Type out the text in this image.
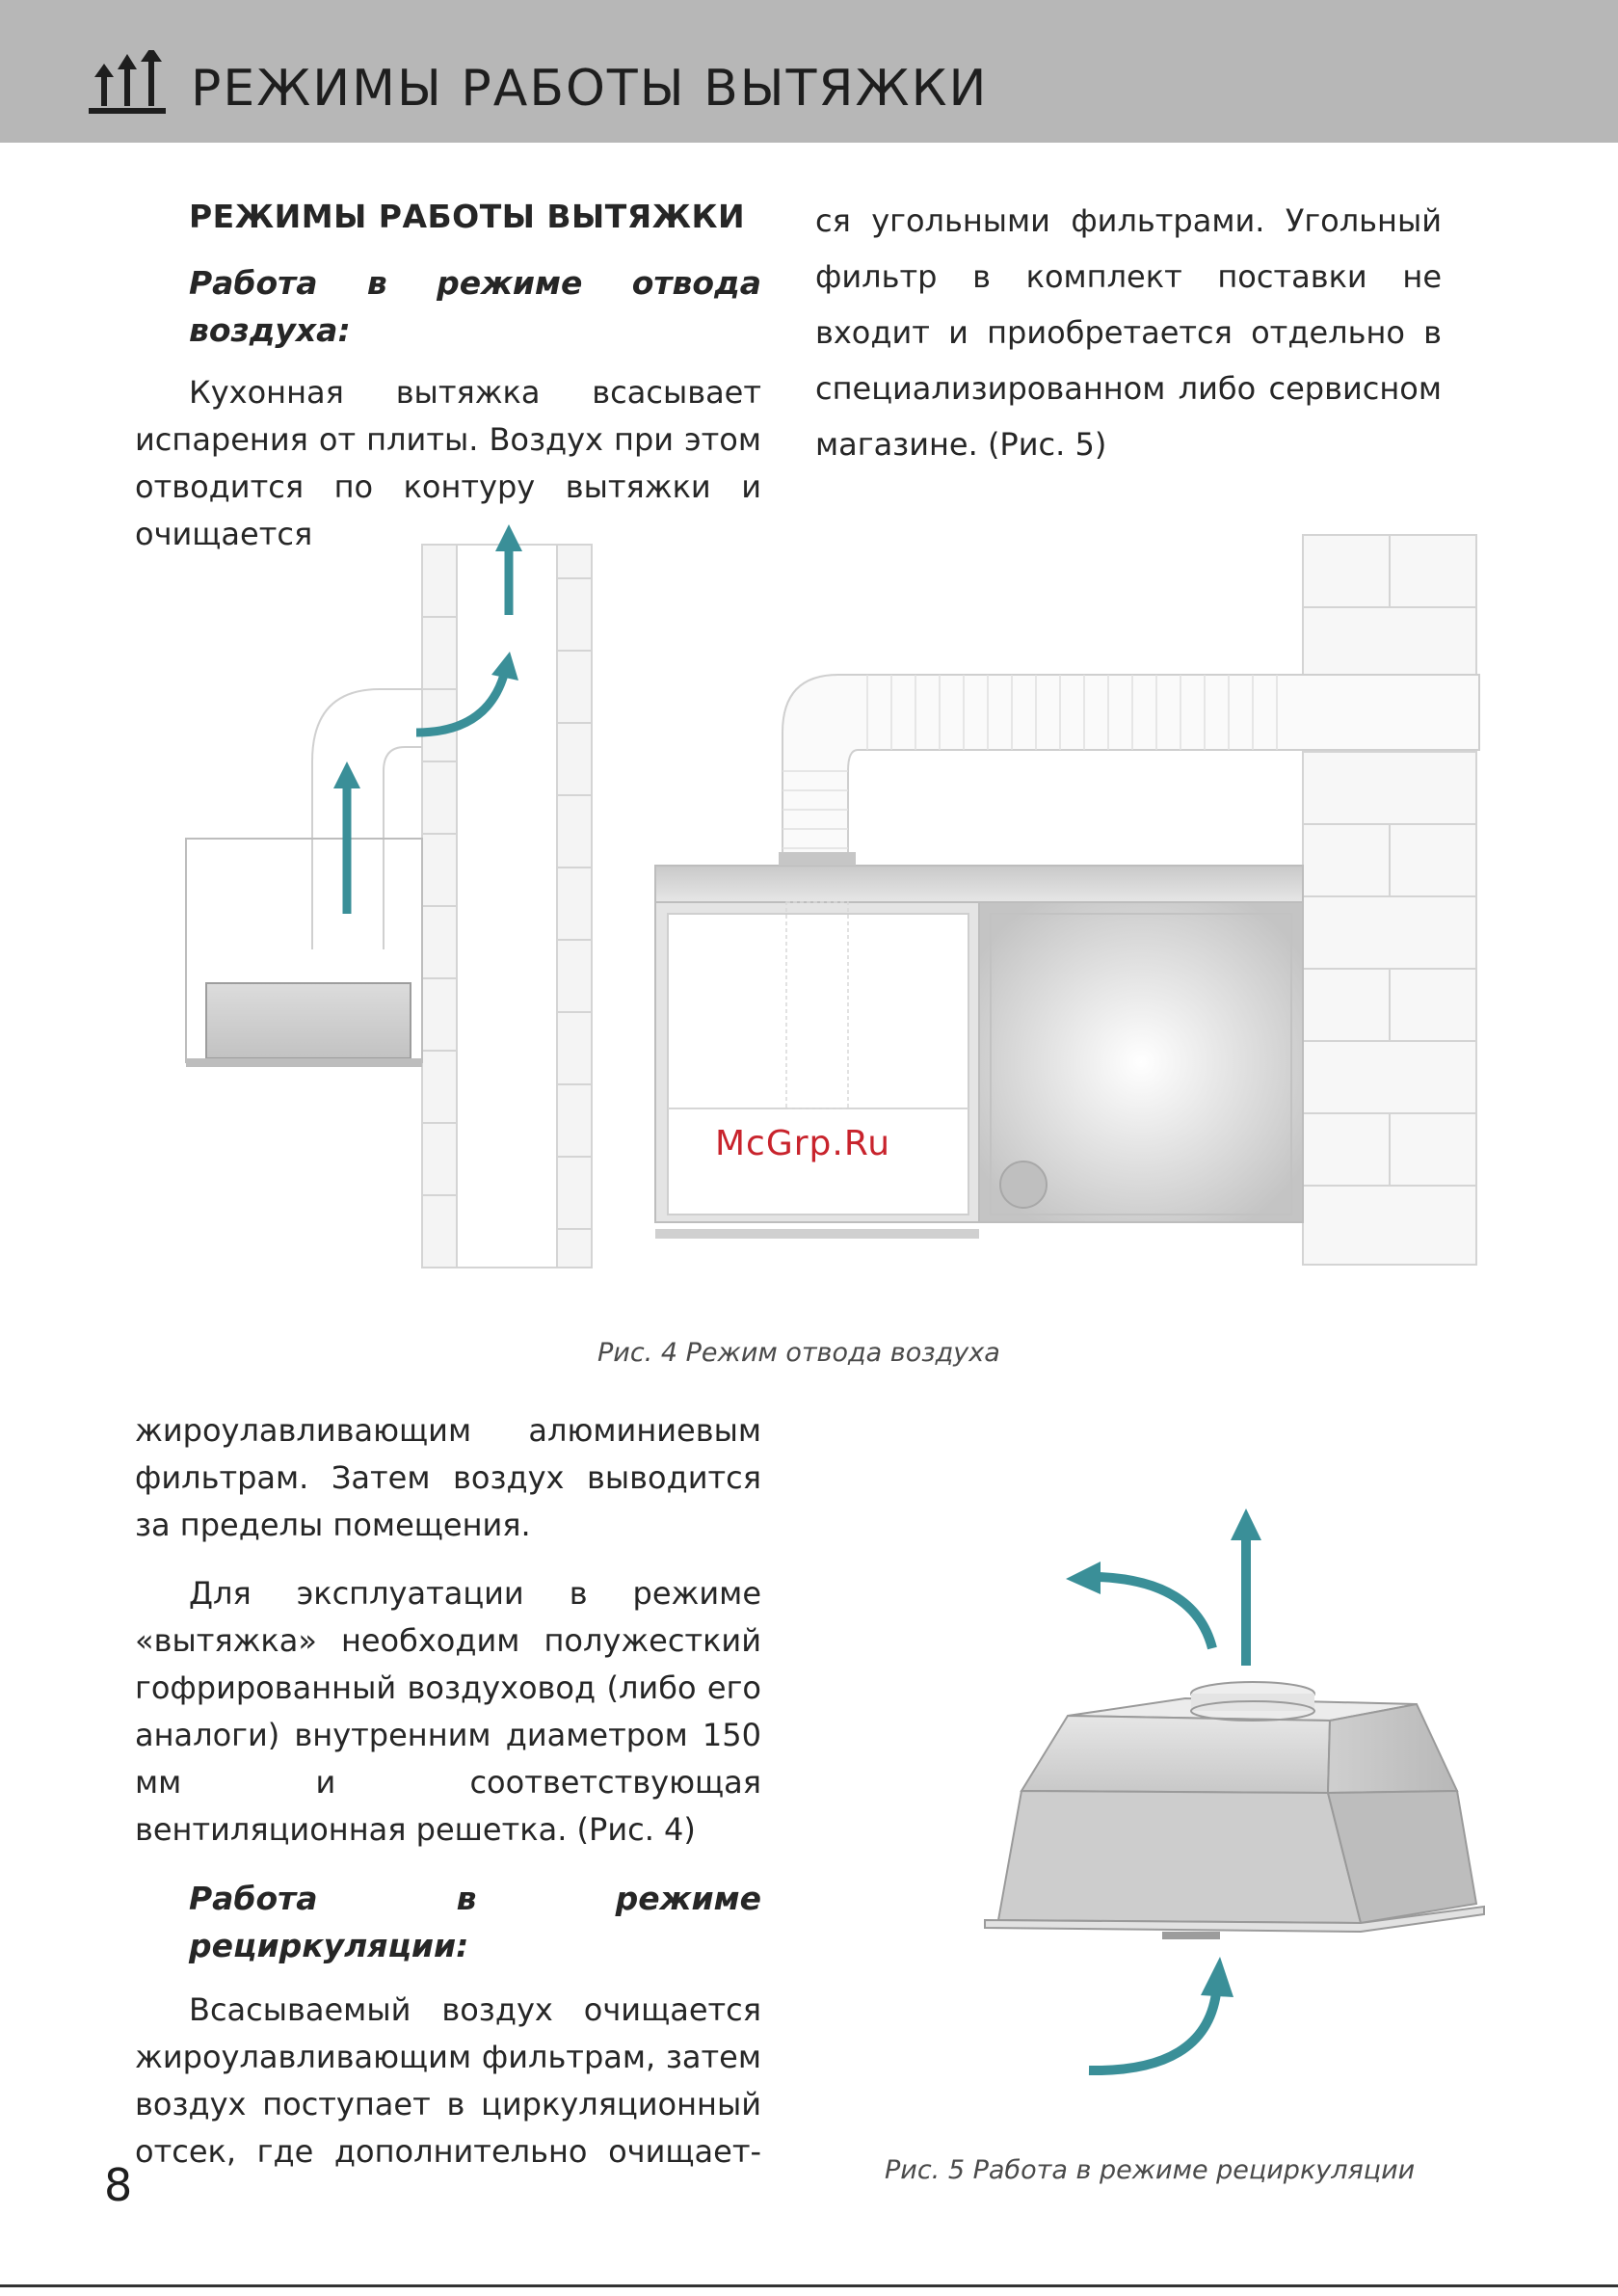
РЕЖИМЫ РАБОТЫ ВЫТЯЖКИ

РЕЖИМЫ РАБОТЫ ВЫТЯЖКИ

Работа в режиме отвода воздуха:

Кухонная вытяжка всасывает испарения от плиты. Воздух при этом отводится по контуру вытяжки и очищается

ся угольными фильтрами. Угольный фильтр в комплект поставки не входит и приобретается отдельно в специализированном либо сервисном магазине. (Рис. 5)

McGrp.Ru
Рис. 4 Режим отвода воздуха

жироулавливающим алюминиевым фильтрам. Затем воздух выводится за пределы помещения.

Для эксплуатации в режиме «вытяжка» необходим полужесткий гофрированный воздуховод (либо его аналоги) внутренним диаметром 150 мм и соответствующая вентиляционная решетка. (Рис. 4)

Работа в режиме рециркуляции:

Всасываемый воздух очищается жироулавливающим фильтрам, затем воздух поступает в циркуляционный отсек, где дополнительно очищает-

Рис. 5 Работа в режиме рециркуляции
8
